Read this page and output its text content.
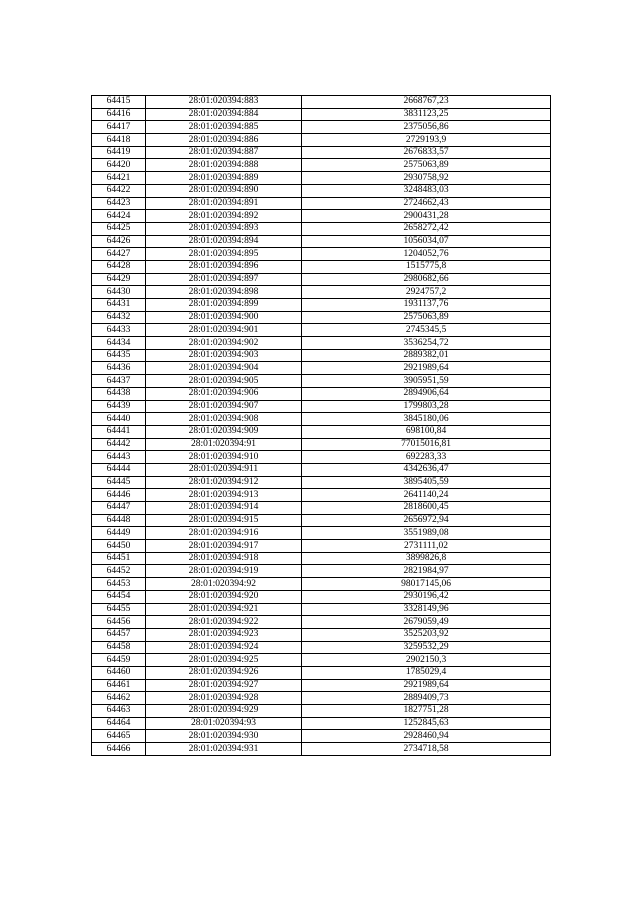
64415	28:01:020394:883	2668767,23
64416	28:01:020394:884	3831123,25
64417	28:01:020394:885	2375056,86
64418	28:01:020394:886	2729193,9
64419	28:01:020394:887	2676833,57
64420	28:01:020394:888	2575063,89
64421	28:01:020394:889	2930758,92
64422	28:01:020394:890	3248483,03
64423	28:01:020394:891	2724662,43
64424	28:01:020394:892	2900431,28
64425	28:01:020394:893	2658272,42
64426	28:01:020394:894	1056034,07
64427	28:01:020394:895	1204052,76
64428	28:01:020394:896	1515775,8
64429	28:01:020394:897	2980682,66
64430	28:01:020394:898	2924757,2
64431	28:01:020394:899	1931137,76
64432	28:01:020394:900	2575063,89
64433	28:01:020394:901	2745345,5
64434	28:01:020394:902	3536254,72
64435	28:01:020394:903	2889382,01
64436	28:01:020394:904	2921989,64
64437	28:01:020394:905	3905951,59
64438	28:01:020394:906	2894906,64
64439	28:01:020394:907	1799803,28
64440	28:01:020394:908	3845180,06
64441	28:01:020394:909	698100,84
64442	28:01:020394:91	77015016,81
64443	28:01:020394:910	692283,33
64444	28:01:020394:911	4342636,47
64445	28:01:020394:912	3895405,59
64446	28:01:020394:913	2641140,24
64447	28:01:020394:914	2818600,45
64448	28:01:020394:915	2656972,94
64449	28:01:020394:916	3551989,08
64450	28:01:020394:917	2731111,02
64451	28:01:020394:918	3899826,8
64452	28:01:020394:919	2821984,97
64453	28:01:020394:92	98017145,06
64454	28:01:020394:920	2930196,42
64455	28:01:020394:921	3328149,96
64456	28:01:020394:922	2679059,49
64457	28:01:020394:923	3525203,92
64458	28:01:020394:924	3259532,29
64459	28:01:020394:925	2902150,3
64460	28:01:020394:926	1785029,4
64461	28:01:020394:927	2921989,64
64462	28:01:020394:928	2889409,73
64463	28:01:020394:929	1827751,28
64464	28:01:020394:93	1252845,63
64465	28:01:020394:930	2928460,94
64466	28:01:020394:931	2734718,58
